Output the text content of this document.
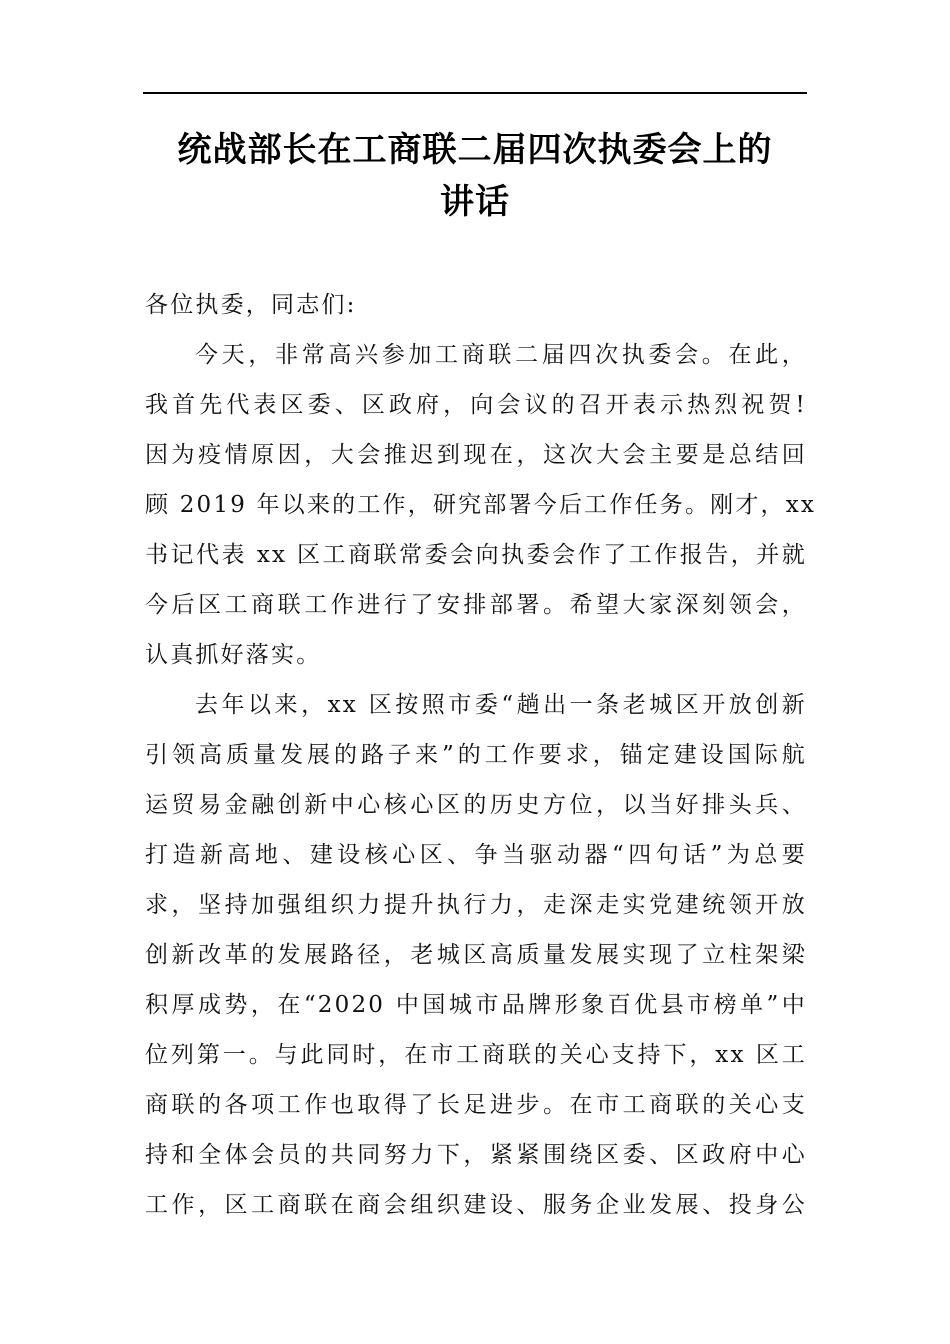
统战部长在工商联二届四次执委会上的
讲话
各位执委，同志们:
今天，非常高兴参加工商联二届四次执委会。在此，
我首先代表区委、区政府，向会议的召开表示热烈祝贺!
因为疫情原因，大会推迟到现在，这次大会主要是总结回
顾 2019 年以来的工作，研究部署今后工作任务。刚才，xx
书记代表 xx 区工商联常委会向执委会作了工作报告，并就
今后区工商联工作进行了安排部署。希望大家深刻领会，
认真抓好落实。
去年以来，xx 区按照市委“趟出一条老城区开放创新
引领高质量发展的路子来”的工作要求，锚定建设国际航
运贸易金融创新中心核心区的历史方位，以当好排头兵、
打造新高地、建设核心区、争当驱动器“四句话”为总要
求，坚持加强组织力提升执行力，走深走实党建统领开放
创新改革的发展路径，老城区高质量发展实现了立柱架梁
积厚成势，在“2020 中国城市品牌形象百优县市榜单”中
位列第一。与此同时，在市工商联的关心支持下，xx 区工
商联的各项工作也取得了长足进步。在市工商联的关心支
持和全体会员的共同努力下，紧紧围绕区委、区政府中心
工作，区工商联在商会组织建设、服务企业发展、投身公
